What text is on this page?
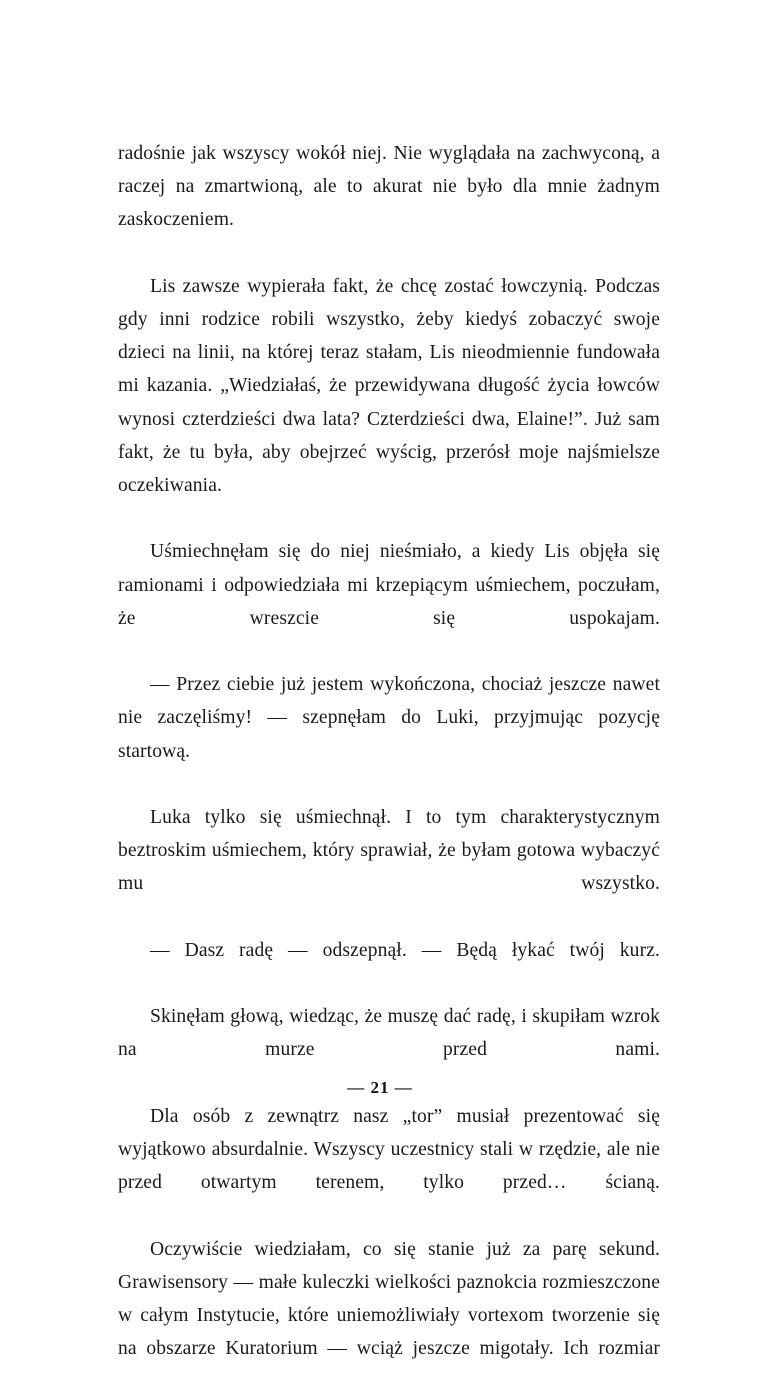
radośnie jak wszyscy wokół niej. Nie wyglądała na zachwyconą, a raczej na zmartwioną, ale to akurat nie było dla mnie żadnym zaskoczeniem.

Lis zawsze wypierała fakt, że chcę zostać łowczynią. Podczas gdy inni rodzice robili wszystko, żeby kiedyś zobaczyć swoje dzieci na linii, na której teraz stałam, Lis nieodmiennie fundowała mi kazania. „Wiedziałaś, że przewidywana długość życia łowców wynosi czterdzieści dwa lata? Czterdzieści dwa, Elaine!”. Już sam fakt, że tu była, aby obejrzeć wyścig, przerósł moje najśmielsze oczekiwania.

Uśmiechnęłam się do niej nieśmiało, a kiedy Lis objęła się ramionami i odpowiedziała mi krzepiącym uśmiechem, poczułam, że wreszcie się uspokajam.

— Przez ciebie już jestem wykończona, chociaż jeszcze nawet nie zaczęliśmy! — szepnęłam do Luki, przyjmując pozycję startową.

Luka tylko się uśmiechnął. I to tym charakterystycznym beztroskim uśmiechem, który sprawiał, że byłam gotowa wybaczyć mu wszystko.

— Dasz radę — odszepnął. — Będą łykać twój kurz.

Skinęłam głową, wiedząc, że muszę dać radę, i skupiłam wzrok na murze przed nami.

Dla osób z zewnątrz nasz „tor” musiał prezentować się wyjątkowo absurdalnie. Wszyscy uczestnicy stali w rzędzie, ale nie przed otwartym terenem, tylko przed… ścianą.

Oczywiście wiedziałam, co się stanie już za parę sekund. Grawisensory — małe kuleczki wielkości paznokcia rozmieszczone w całym Instytucie, które uniemożliwiały vortexom tworzenie się na obszarze Kuratorium — wciąż jeszcze migotały. Ich rozmiar

— 21 —
